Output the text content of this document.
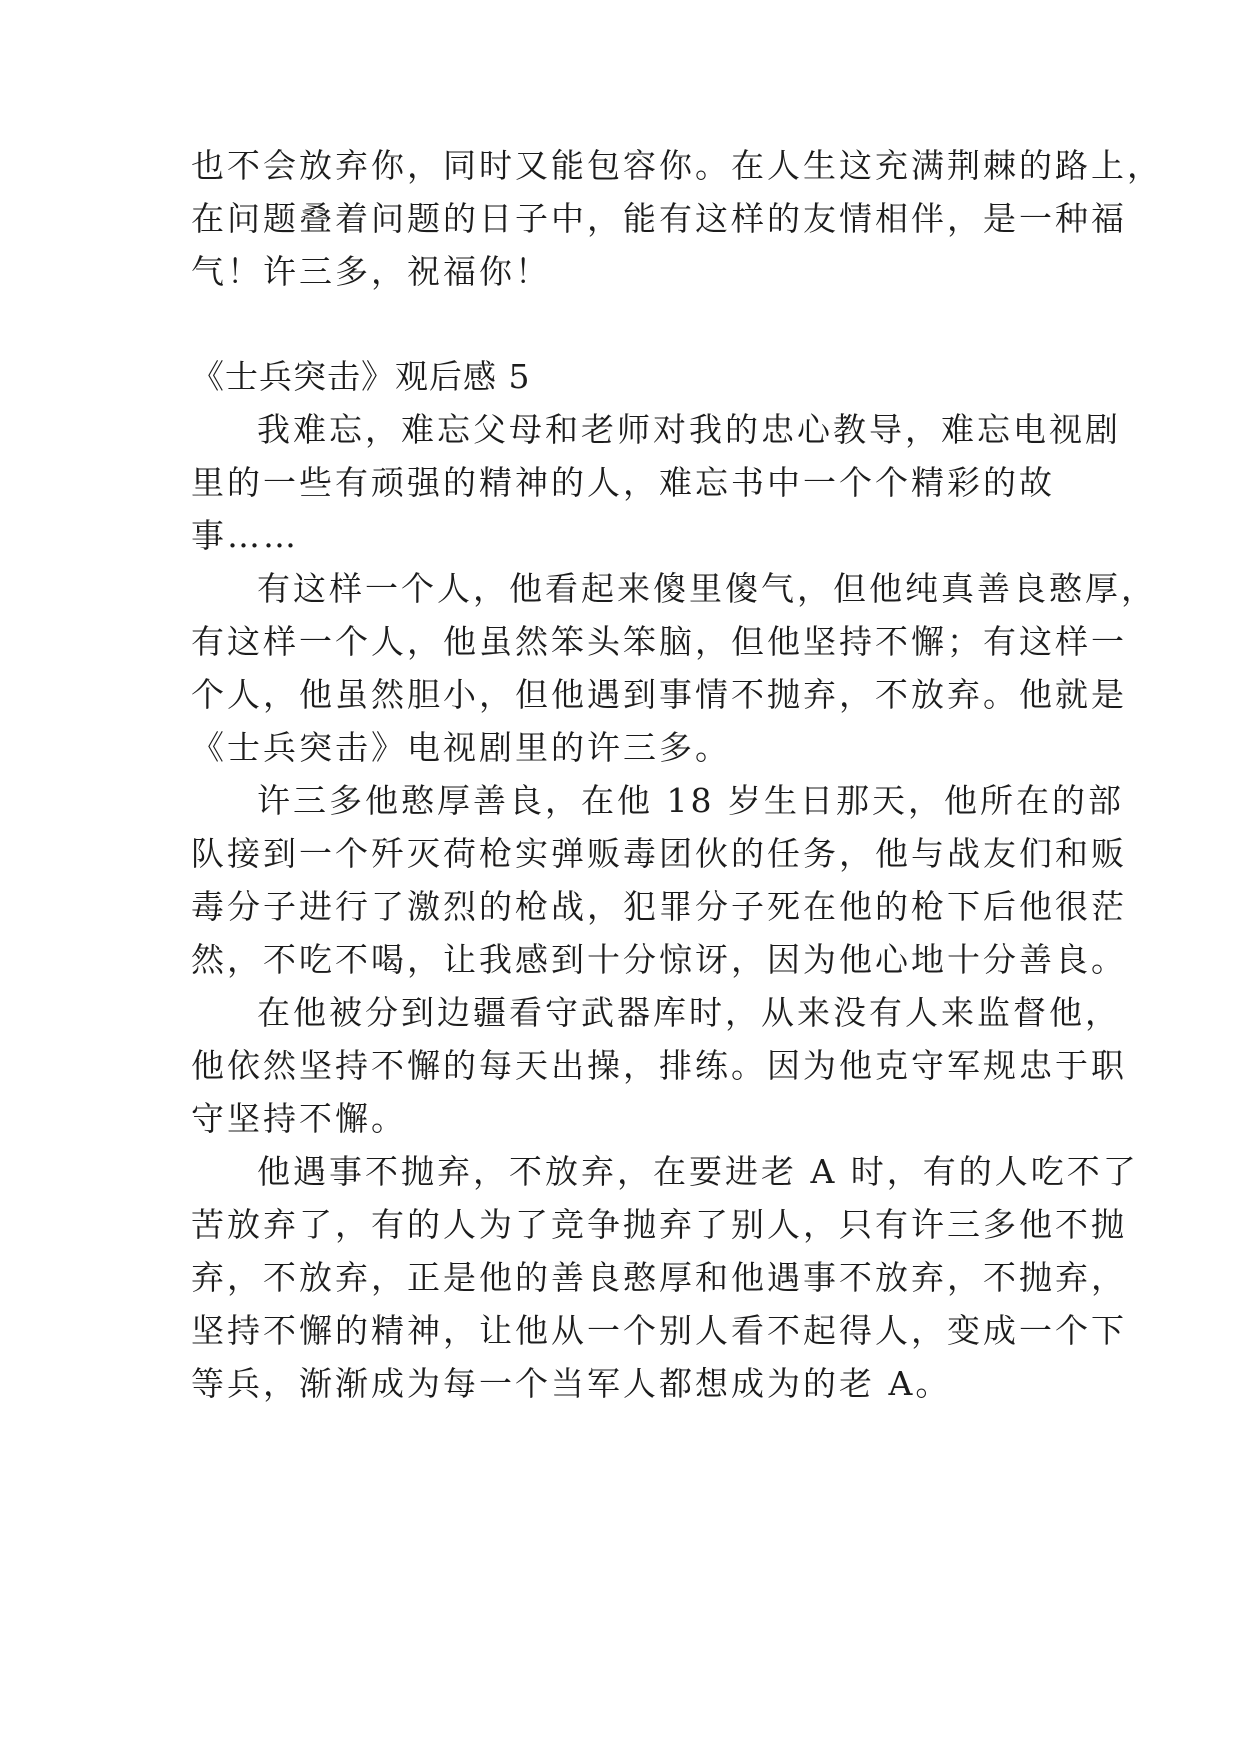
也不会放弃你，同时又能包容你。在人生这充满荆棘的路上，
在问题叠着问题的日子中，能有这样的友情相伴，是一种福
气！许三多，祝福你！
《士兵突击》观后感 5
我难忘，难忘父母和老师对我的忠心教导，难忘电视剧
里的一些有顽强的精神的人，难忘书中一个个精彩的故
事……
有这样一个人，他看起来傻里傻气，但他纯真善良憨厚，
有这样一个人，他虽然笨头笨脑，但他坚持不懈；有这样一
个人，他虽然胆小，但他遇到事情不抛弃，不放弃。他就是
《士兵突击》电视剧里的许三多。
许三多他憨厚善良，在他 18 岁生日那天，他所在的部
队接到一个歼灭荷枪实弹贩毒团伙的任务，他与战友们和贩
毒分子进行了激烈的枪战，犯罪分子死在他的枪下后他很茫
然，不吃不喝，让我感到十分惊讶，因为他心地十分善良。
在他被分到边疆看守武器库时，从来没有人来监督他，
他依然坚持不懈的每天出操，排练。因为他克守军规忠于职
守坚持不懈。
他遇事不抛弃，不放弃，在要进老 A 时，有的人吃不了
苦放弃了，有的人为了竞争抛弃了别人，只有许三多他不抛
弃，不放弃，正是他的善良憨厚和他遇事不放弃，不抛弃，
坚持不懈的精神，让他从一个别人看不起得人，变成一个下
等兵，渐渐成为每一个当军人都想成为的老 A。
